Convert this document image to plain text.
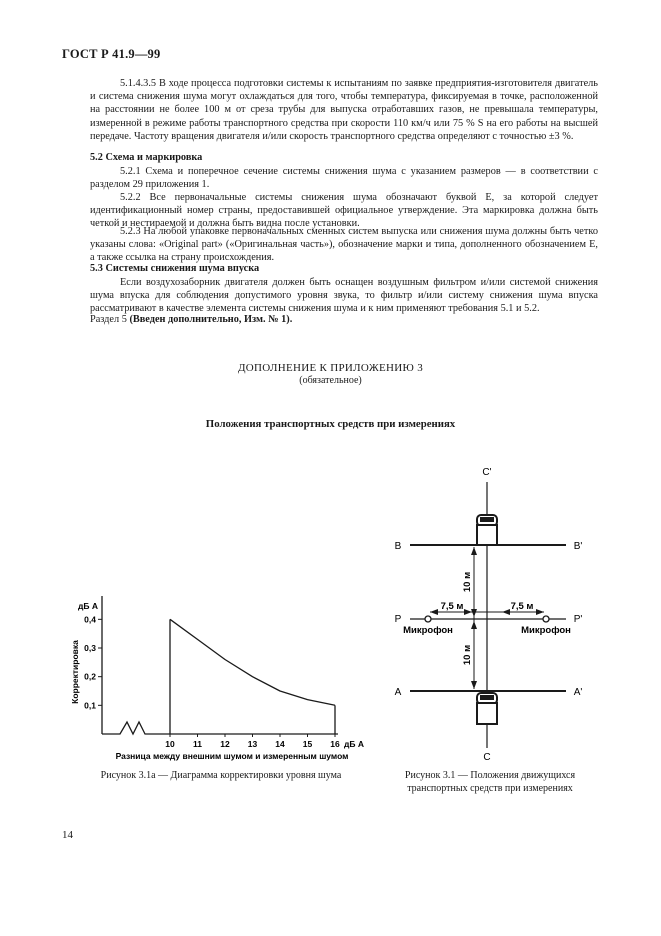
ГОСТ Р 41.9—99
5.1.4.3.5 В ходе процесса подготовки системы к испытаниям по заявке предприятия-изготовителя двигатель и система снижения шума могут охлаждаться для того, чтобы температура, фиксируемая в точке, расположенной на расстоянии не более 100 м от среза трубы для выпуска отработавших газов, не превышала температуры, измеренной в режиме работы транспортного средства при скорости 110 км/ч или 75 % S на его работы на высшей передаче. Частоту вращения двигателя и/или скорость транспортного средства определяют с точностью ±3 %.
5.2 Схема и маркировка
5.2.1 Схема и поперечное сечение системы снижения шума с указанием размеров — в соответствии с разделом 29 приложения 1.
5.2.2 Все первоначальные системы снижения шума обозначают буквой Е, за которой следует идентификационный номер страны, предоставившей официальное утверждение. Эта маркировка должна быть четкой и нестираемой и должна быть видна после установки.
5.2.3 На любой упаковке первоначальных сменных систем выпуска или снижения шума должны быть четко указаны слова: «Original part» («Оригинальная часть»), обозначение марки и типа, дополненного обозначением Е, а также ссылка на страну происхождения.
5.3 Системы снижения шума впуска
Если воздухозаборник двигателя должен быть оснащен воздушным фильтром и/или системой снижения шума впуска для соблюдения допустимого уровня звука, то фильтр и/или систему снижения шума впуска рассматривают в качестве элемента системы снижения шума и к ним применяют требования 5.1 и 5.2.
Раздел 5 (Введен дополнительно, Изм. № 1).
ДОПОЛНЕНИЕ К ПРИЛОЖЕНИЮ 3
(обязательное)
Положения транспортных средств при измерениях
дБ А
0,1
0,2
0,3
0,4
Корректировка
10 11 12 13 14 15 16 дБ А
Разница между внешним шумом и измеренным шумом
C'
C
B	B'
A	A'
P	P'
7,5 м	7,5 м
Микрофон	Микрофон
10 м
10 м
Рисунок 3.1а — Диаграмма корректировки уровня шума	Рисунок 3.1 — Положения движущихся
транспортных средств при измерениях
14
